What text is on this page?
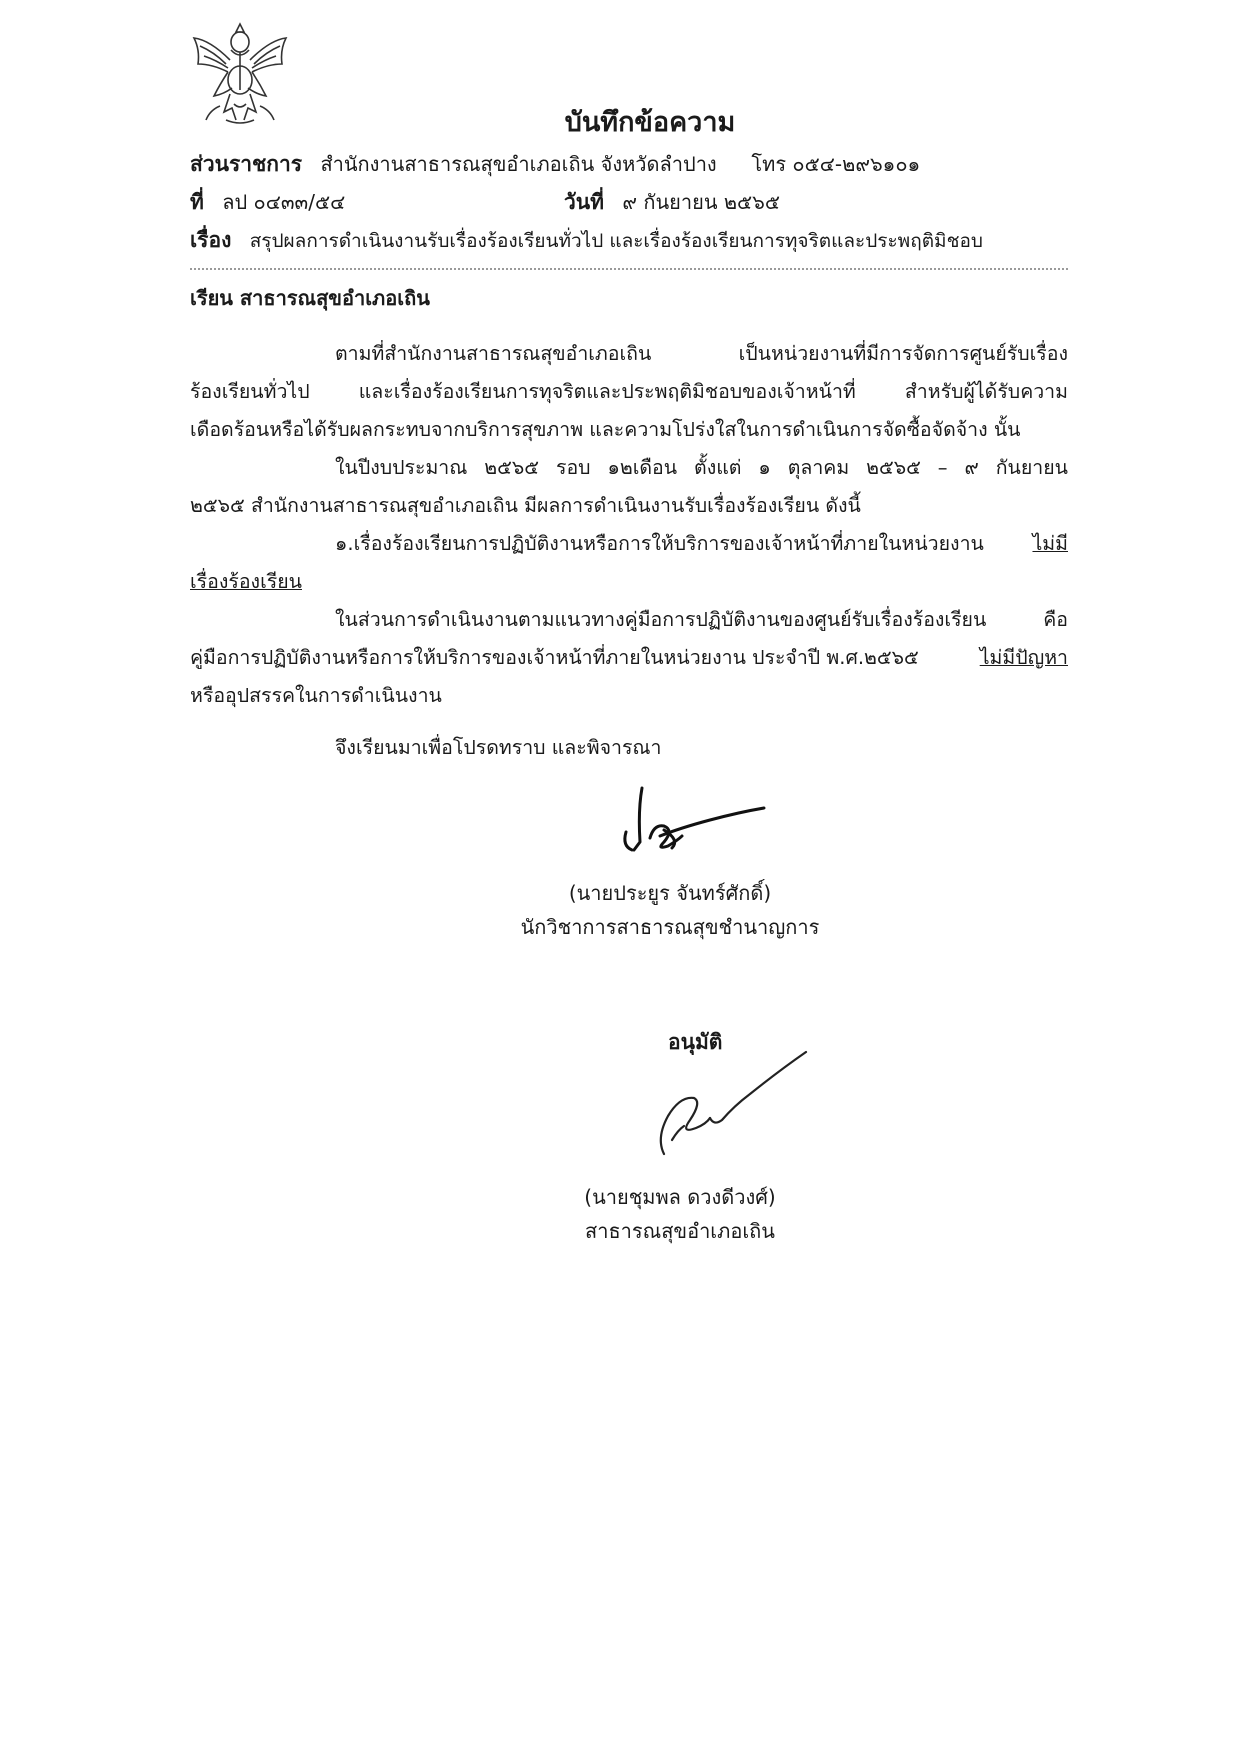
บันทึกข้อความ
ส่วนราชการ สำนักงานสาธารณสุขอำเภอเถิน จังหวัดลำปาง โทร ๐๕๔-๒๙๖๑๐๑
ที่ ลป ๐๔๓๓/๕๔	วันที่ ๙ กันยายน ๒๕๖๕
เรื่อง สรุปผลการดำเนินงานรับเรื่องร้องเรียนทั่วไป และเรื่องร้องเรียนการทุจริตและประพฤติมิชอบ
เรียน สาธารณสุขอำเภอเถิน
ตามที่สำนักงานสาธารณสุขอำเภอเถิน เป็นหน่วยงานที่มีการจัดการศูนย์รับเรื่อง
ร้องเรียนทั่วไป และเรื่องร้องเรียนการทุจริตและประพฤติมิชอบของเจ้าหน้าที่ สำหรับผู้ได้รับความ
เดือดร้อนหรือได้รับผลกระทบจากบริการสุขภาพ และความโปร่งใสในการดำเนินการจัดซื้อจัดจ้าง นั้น
ในปีงบประมาณ ๒๕๖๕ รอบ ๑๒เดือน ตั้งแต่ ๑ ตุลาคม ๒๕๖๕ – ๙ กันยายน
๒๕๖๕ สำนักงานสาธารณสุขอำเภอเถิน มีผลการดำเนินงานรับเรื่องร้องเรียน ดังนี้
๑.เรื่องร้องเรียนการปฏิบัติงานหรือการให้บริการของเจ้าหน้าที่ภายในหน่วยงาน ไม่มี
เรื่องร้องเรียน
ในส่วนการดำเนินงานตามแนวทางคู่มือการปฏิบัติงานของศูนย์รับเรื่องร้องเรียน คือ
คู่มือการปฏิบัติงานหรือการให้บริการของเจ้าหน้าที่ภายในหน่วยงาน ประจำปี พ.ศ.๒๕๖๕	ไม่มีปัญหา
หรืออุปสรรคในการดำเนินงาน
จึงเรียนมาเพื่อโปรดทราบ และพิจารณา
(นายประยูร จันทร์ศักดิ์)
นักวิชาการสาธารณสุขชำนาญการ
อนุมัติ
(นายชุมพล ดวงดีวงศ์)
สาธารณสุขอำเภอเถิน
